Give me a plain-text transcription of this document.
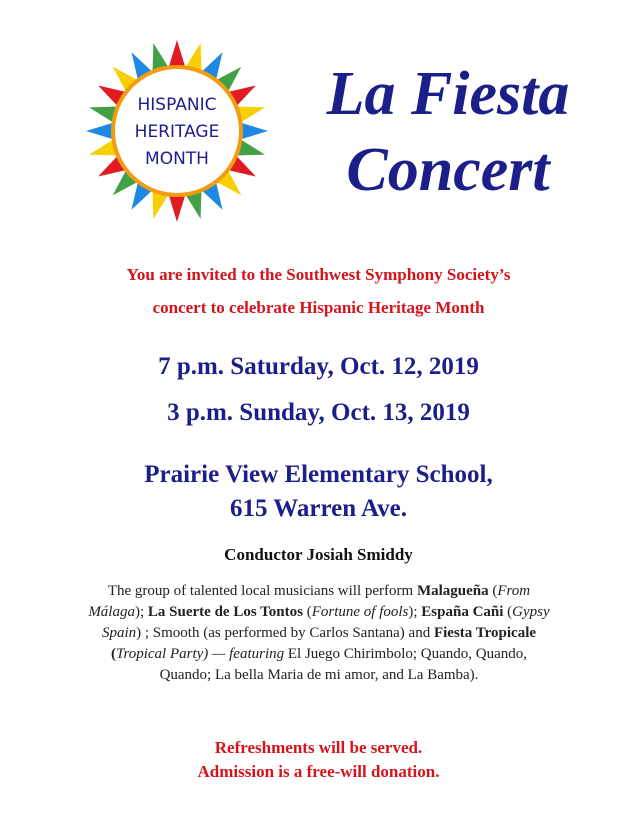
HISPANIC
HERITAGE
MONTH
La Fiesta
Concert
You are invited to the Southwest Symphony Society’s
concert to celebrate Hispanic Heritage Month
7 p.m. Saturday, Oct. 12, 2019
3 p.m. Sunday, Oct. 13, 2019
Prairie View Elementary School,
615 Warren Ave.
Conductor Josiah Smiddy
The group of talented local musicians will perform Malagueña (From Málaga); La Suerte de Los Tontos (Fortune of fools); España Cañi (Gypsy Spain) ; Smooth (as performed by Carlos Santana) and Fiesta Tropicale (Tropical Party) — featuring El Juego Chirimbolo; Quando, Quando, Quando; La bella Maria de mi amor, and La Bamba).
Refreshments will be served.
Admission is a free-will donation.
